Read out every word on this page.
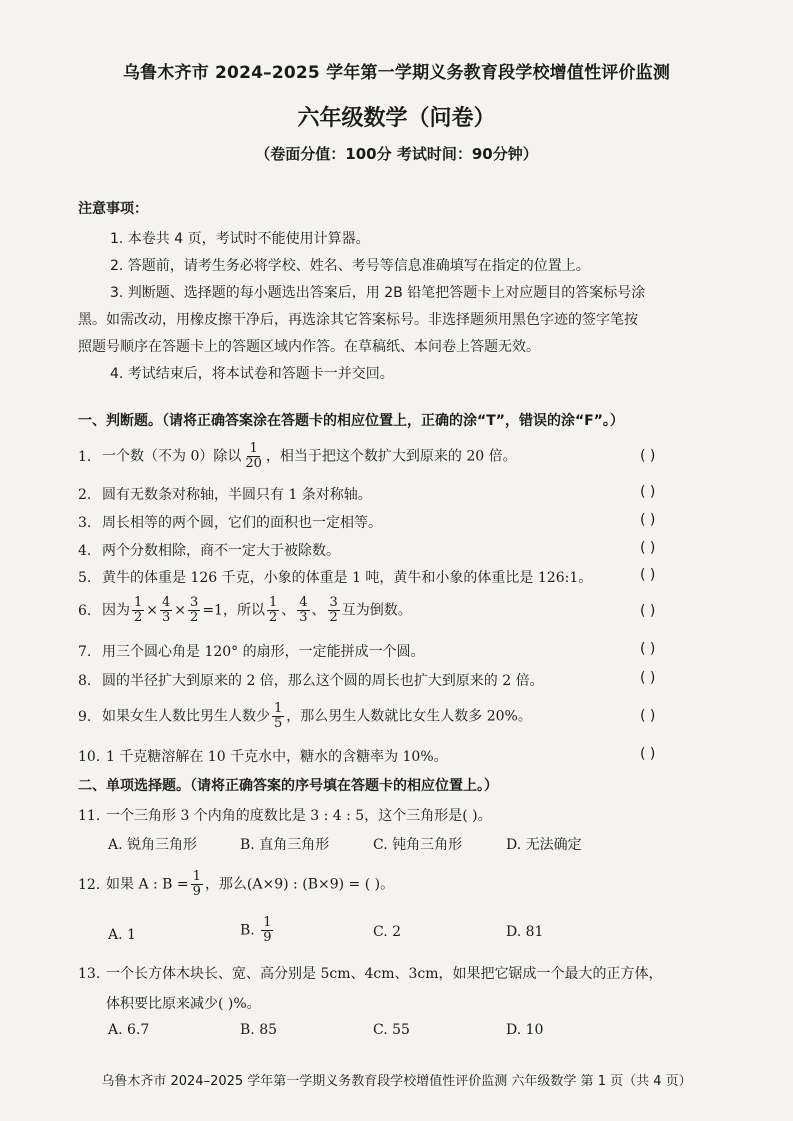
乌鲁木齐市 2024–2025 学年第一学期义务教育段学校增值性评价监测
六年级数学（问卷）
（卷面分值：100分 考试时间：90分钟）
注意事项：
1. 本卷共 4 页，考试时不能使用计算器。
2. 答题前，请考生务必将学校、姓名、考号等信息准确填写在指定的位置上。
3. 判断题、选择题的每小题选出答案后，用 2B 铅笔把答题卡上对应题目的答案标号涂
黑。如需改动，用橡皮擦干净后，再选涂其它答案标号。非选择题须用黑色字迹的签字笔按
照题号顺序在答题卡上的答题区域内作答。在草稿纸、本问卷上答题无效。
4. 考试结束后，将本试卷和答题卡一并交回。
一、判断题。（请将正确答案涂在答题卡的相应位置上，正确的涂“T”，错误的涂“F”。）
1. 一个数（不为 0）除以 $\frac{1}{20}$ ，相当于把这个数扩大到原来的 20 倍。	( )
2. 圆有无数条对称轴，半圆只有 1 条对称轴。	( )
3. 周长相等的两个圆，它们的面积也一定相等。	( )
4. 两个分数相除，商不一定大于被除数。	( )
5. 黄牛的体重是 126 千克，小象的体重是 1 吨，黄牛和小象的体重比是 126:1。	( )
6. 因为 $\frac{1}{2} \times \frac{4}{3} \times \frac{3}{2} =1$，所以 $\frac{1}{2}$ 、 $\frac{4}{3}$ 、 $\frac{3}{2}$ 互为倒数。	( )
7. 用三个圆心角是 120° 的扇形，一定能拼成一个圆。	( )
8. 圆的半径扩大到原来的 2 倍，那么这个圆的周长也扩大到原来的 2 倍。	( )
9. 如果女生人数比男生人数少 $\frac{1}{5}$ ，那么男生人数就比女生人数多 20%。	( )
10. 1 千克糖溶解在 10 千克水中，糖水的含糖率为 10%。	( )
二、单项选择题。（请将正确答案的序号填在答题卡的相应位置上。）
11. 一个三角形 3 个内角的度数比是 3 : 4 : 5，这个三角形是( )。
A. 锐角三角形	B. 直角三角形	C. 钝角三角形	D. 无法确定
12. 如果 A : $B = \frac{1}{9}$ ，那么(A×9) : (B×9) = ( )。
A. 1	B. $\frac{1}{9}$	C. 2	D. 81
13. 一个长方体木块长、宽、高分别是 5cm、4cm、3cm，如果把它锯成一个最大的正方体，
体积要比原来减少( )%。
A. 6.7	B. 85	C. 55	D. 10
乌鲁木齐市 2024–2025 学年第一学期义务教育段学校增值性评价监测 六年级数学 第 1 页（共 4 页）
